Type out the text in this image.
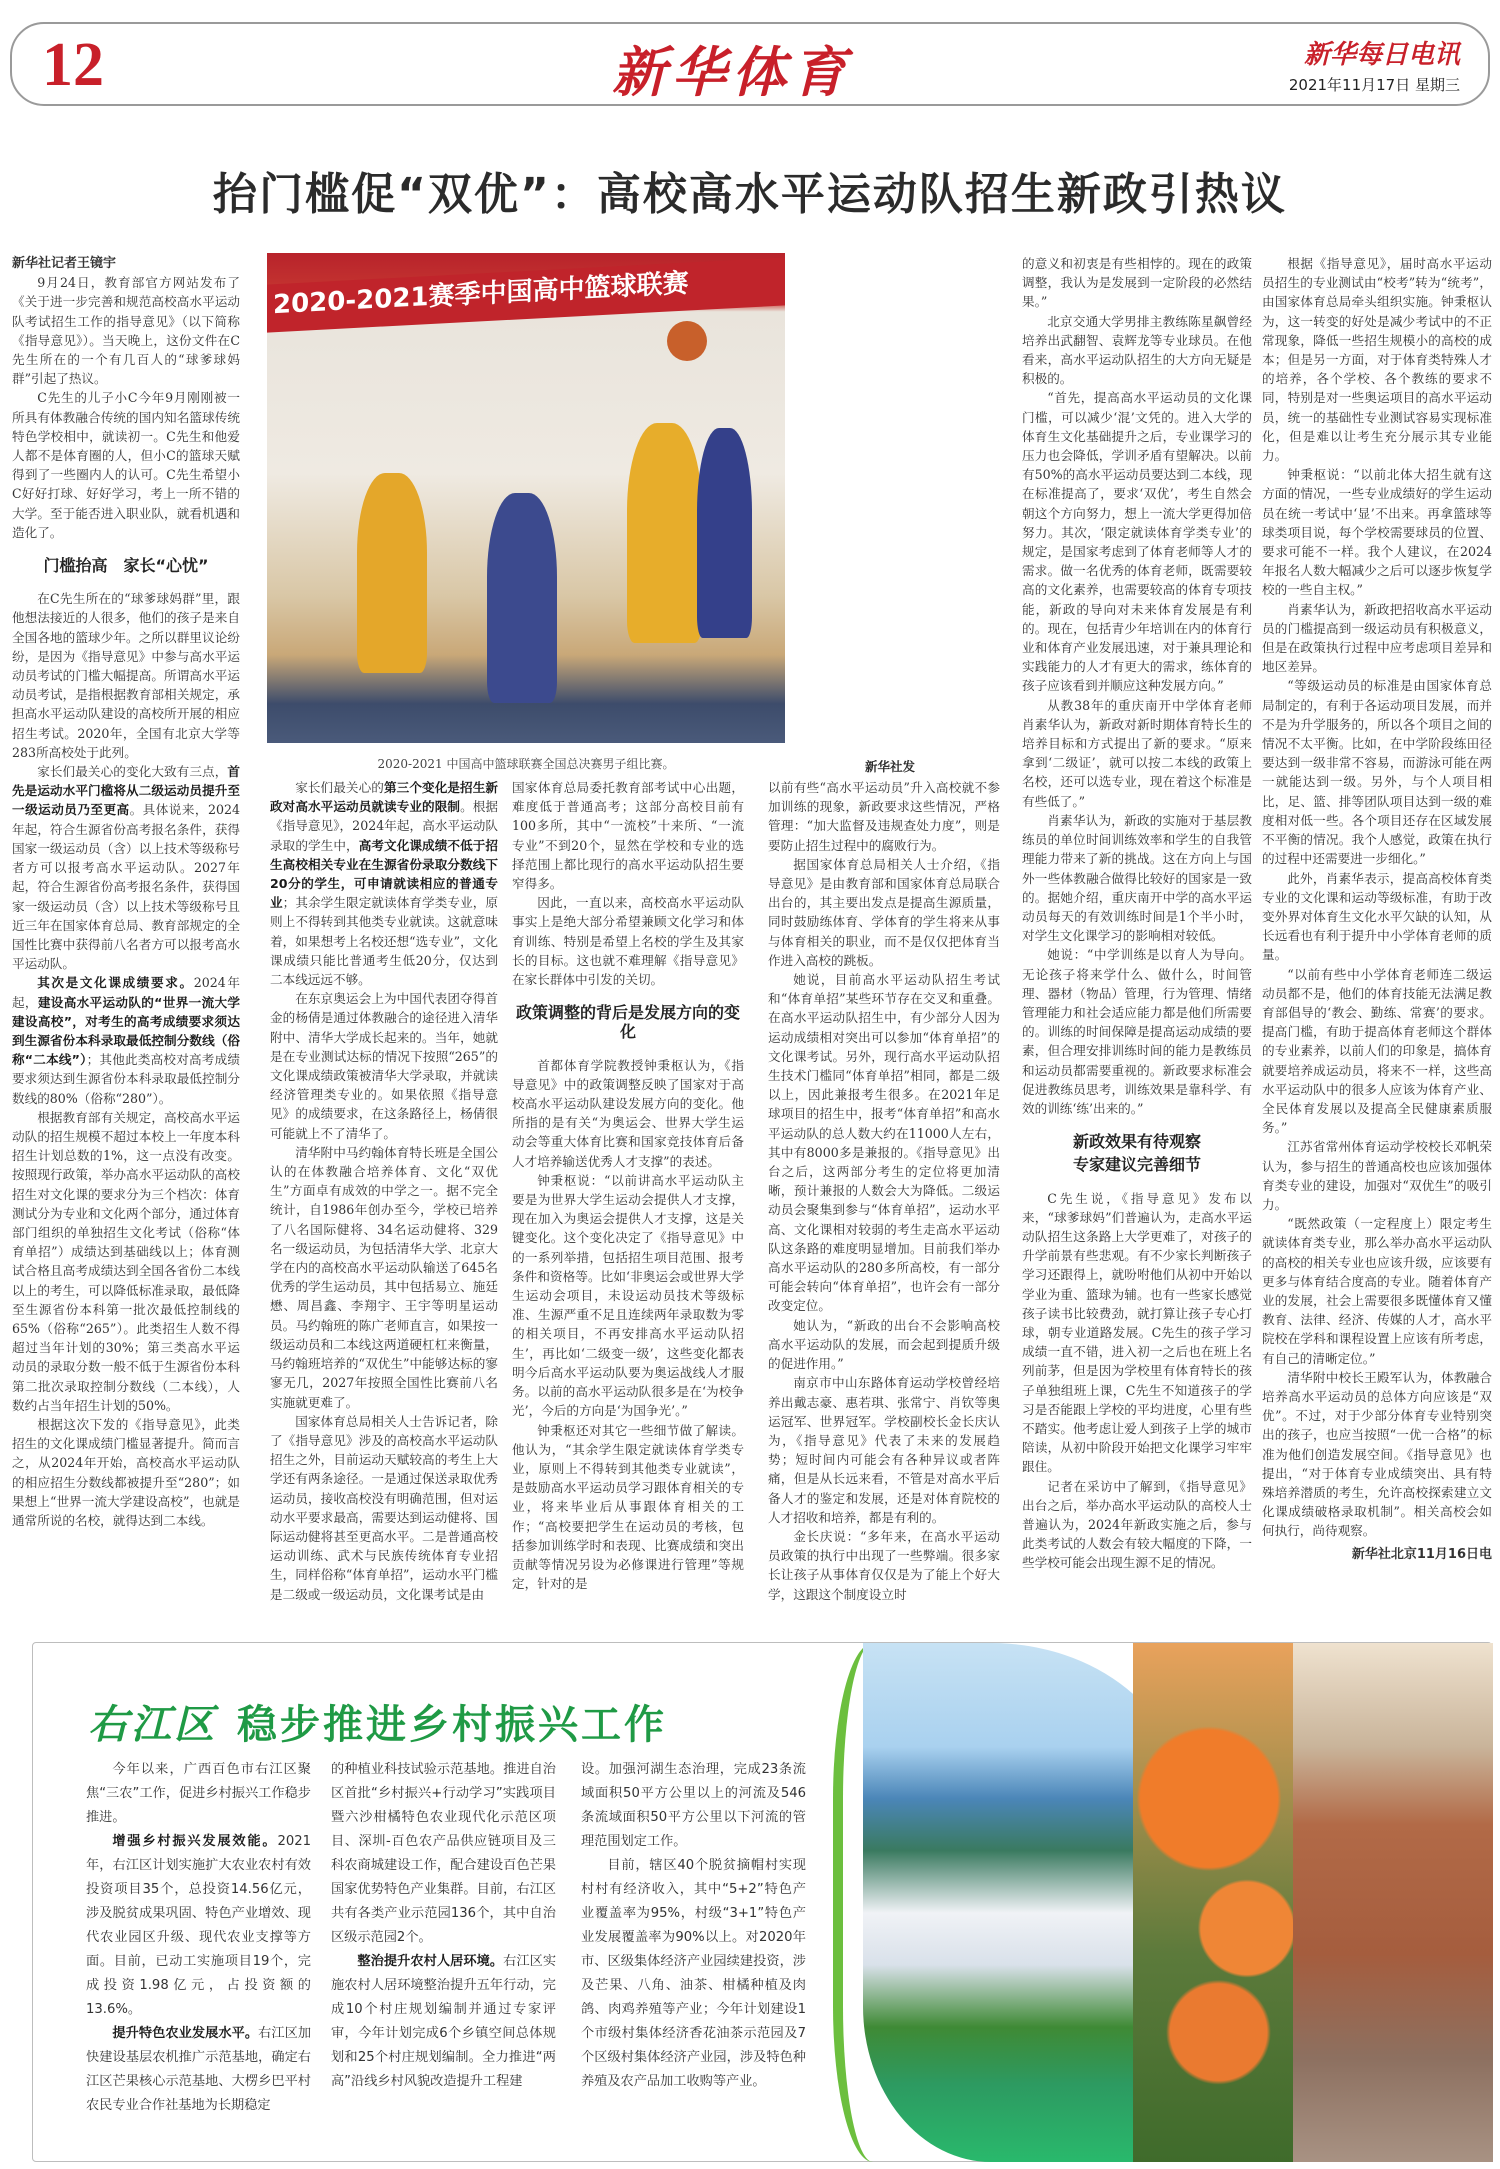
12	新华体育	新华每日电讯
2021年11月17日 星期三
抬门槛促“双优”：高校高水平运动队招生新政引热议

新华社记者王镜宇

9月24日，教育部官方网站发布了《关于进一步完善和规范高校高水平运动队考试招生工作的指导意见》（以下简称《指导意见》）。当天晚上，这份文件在C先生所在的一个有几百人的“球爹球妈群”引起了热议。

C先生的儿子小C今年9月刚刚被一所具有体教融合传统的国内知名篮球传统特色学校相中，就读初一。C先生和他爱人都不是体育圈的人，但小C的篮球天赋得到了一些圈内人的认可。C先生希望小C好好打球、好好学习，考上一所不错的大学。至于能否进入职业队，就看机遇和造化了。

门槛抬高　家长“心忧”

在C先生所在的“球爹球妈群”里，跟他想法接近的人很多，他们的孩子是来自全国各地的篮球少年。之所以群里议论纷纷，是因为《指导意见》中参与高水平运动员考试的门槛大幅提高。所谓高水平运动员考试，是指根据教育部相关规定，承担高水平运动队建设的高校所开展的相应招生考试。2020年，全国有北京大学等283所高校处于此列。

家长们最关心的变化大致有三点，首先是运动水平门槛将从二级运动员提升至一级运动员乃至更高。具体说来，2024年起，符合生源省份高考报名条件，获得国家一级运动员（含）以上技术等级称号者方可以报考高水平运动队。2027年起，符合生源省份高考报名条件，获得国家一级运动员（含）以上技术等级称号且近三年在国家体育总局、教育部规定的全国性比赛中获得前八名者方可以报考高水平运动队。

其次是文化课成绩要求。2024年起，建设高水平运动队的“世界一流大学建设高校”，对考生的高考成绩要求须达到生源省份本科录取最低控制分数线（俗称“二本线”）；其他此类高校对高考成绩要求须达到生源省份本科录取最低控制分数线的80%（俗称“280”）。

根据教育部有关规定，高校高水平运动队的招生规模不超过本校上一年度本科招生计划总数的1%，这一点没有改变。按照现行政策，举办高水平运动队的高校招生对文化课的要求分为三个档次：体育测试分为专业和文化两个部分，通过体育部门组织的单独招生文化考试（俗称“体育单招”）成绩达到基础线以上；体育测试合格且高考成绩达到全国各省份二本线以上的考生，可以降低标准录取，最低降至生源省份本科第一批次最低控制线的65%（俗称“265”）。此类招生人数不得超过当年计划的30%；第三类高水平运动员的录取分数一般不低于生源省份本科第二批次录取控制分数线（二本线），人数约占当年招生计划的50%。

根据这次下发的《指导意见》，此类招生的文化课成绩门槛显著提升。简而言之，从2024年开始，高校高水平运动队的相应招生分数线都被提升至“280”；如果想上“世界一流大学建设高校”，也就是通常所说的名校，就得达到二本线。

2020-2021赛季中国高中篮球联赛
2020-2021 中国高中篮球联赛全国总决赛男子组比赛。	新华社发

家长们最关心的第三个变化是招生新政对高水平运动员就读专业的限制。根据《指导意见》，2024年起，高水平运动队录取的学生中，高考文化课成绩不低于招生高校相关专业在生源省份录取分数线下20分的学生，可申请就读相应的普通专业；其余学生限定就读体育学类专业，原则上不得转到其他类专业就读。这就意味着，如果想考上名校还想“选专业”，文化课成绩只能比普通考生低20分，仅达到二本线远远不够。

在东京奥运会上为中国代表团夺得首金的杨倩是通过体教融合的途径进入清华附中、清华大学成长起来的。当年，她就是在专业测试达标的情况下按照“265”的文化课成绩政策被清华大学录取，并就读经济管理类专业的。如果依照《指导意见》的成绩要求，在这条路径上，杨倩很可能就上不了清华了。

清华附中马约翰体育特长班是全国公认的在体教融合培养体育、文化“双优生”方面卓有成效的中学之一。据不完全统计，自1986年创办至今，学校已培养了八名国际健将、34名运动健将、329名一级运动员，为包括清华大学、北京大学在内的高校高水平运动队输送了645名优秀的学生运动员，其中包括易立、施廷懋、周昌鑫、李翔宇、王宇等明星运动员。马约翰班的陈广老师直言，如果按一级运动员和二本线这两道硬杠杠来衡量，马约翰班培养的“双优生”中能够达标的寥寥无几，2027年按照全国性比赛前八名实施就更难了。

国家体育总局相关人士告诉记者，除了《指导意见》涉及的高校高水平运动队招生之外，目前运动天赋较高的考生上大学还有两条途径。一是通过保送录取优秀运动员，接收高校没有明确范围，但对运动水平要求最高，需要达到运动健将、国际运动健将甚至更高水平。二是普通高校运动训练、武术与民族传统体育专业招生，同样俗称“体育单招”，运动水平门槛是二级或一级运动员，文化课考试是由

国家体育总局委托教育部考试中心出题，难度低于普通高考；这部分高校目前有100多所，其中“一流校”十来所、“一流专业”不到20个，显然在学校和专业的选择范围上都比现行的高水平运动队招生要窄得多。

因此，一直以来，高校高水平运动队事实上是绝大部分希望兼顾文化学习和体育训练、特别是希望上名校的学生及其家长的目标。这也就不难理解《指导意见》在家长群体中引发的关切。

政策调整的背后是发展方向的变化

首都体育学院教授钟秉枢认为，《指导意见》中的政策调整反映了国家对于高校高水平运动队建设发展方向的变化。他所指的是有关“为奥运会、世界大学生运动会等重大体育比赛和国家竞技体育后备人才培养输送优秀人才支撑”的表述。

钟秉枢说：“以前讲高水平运动队主要是为世界大学生运动会提供人才支撑，现在加入为奥运会提供人才支撑，这是关键变化。这个变化决定了《指导意见》中的一系列举措，包括招生项目范围、报考条件和资格等。比如‘非奥运会或世界大学生运动会项目，未设运动员技术等级标准、生源严重不足且连续两年录取数为零的相关项目，不再安排高水平运动队招生’，再比如‘二级变一级’，这些变化都表明今后高水平运动队要为奥运战线人才服务。以前的高水平运动队很多是在‘为校争光’，今后的方向是‘为国争光’。”

钟秉枢还对其它一些细节做了解读。他认为，“其余学生限定就读体育学类专业，原则上不得转到其他类专业就读”，是鼓励高水平运动员学习跟体育相关的专业，将来毕业后从事跟体育相关的工作；“高校要把学生在运动员的考核，包括参加训练学时和表现、比赛成绩和突出贡献等情况另设为必修课进行管理”等规定，针对的是

以前有些“高水平运动员”升入高校就不参加训练的现象，新政要求这些情况，严格管理：“加大监督及违规查处力度”，则是要防止招生过程中的腐败行为。

据国家体育总局相关人士介绍，《指导意见》是由教育部和国家体育总局联合出台的，其主要出发点是提高生源质量，同时鼓励练体育、学体育的学生将来从事与体育相关的职业，而不是仅仅把体育当作进入高校的跳板。

她说，目前高水平运动队招生考试和“体育单招”某些环节存在交叉和重叠。在高水平运动队招生中，有少部分人因为运动成绩相对突出可以参加“体育单招”的文化课考试。另外，现行高水平运动队招生技术门槛同“体育单招”相同，都是二级以上，因此兼报考生很多。在2021年足球项目的招生中，报考“体育单招”和高水平运动队的总人数大约在11000人左右，其中有8000多是兼报的。《指导意见》出台之后，这两部分考生的定位将更加清晰，预计兼报的人数会大为降低。二级运动员会聚集到参与“体育单招”，运动水平高、文化课相对较弱的考生走高水平运动队这条路的难度明显增加。目前我们举办高水平运动队的280多所高校，有一部分可能会转向“体育单招”，也许会有一部分改变定位。

她认为，“新政的出台不会影响高校高水平运动队的发展，而会起到提质升级的促进作用。”

南京市中山东路体育运动学校曾经培养出戴志豪、惠若琪、张常宁、肖钦等奥运冠军、世界冠军。学校副校长金长庆认为，《指导意见》代表了未来的发展趋势；短时间内可能会有各种异议或者阵痛，但是从长远来看，不管是对高水平后备人才的鉴定和发展，还是对体育院校的人才招收和培养，都是有利的。

金长庆说：“多年来，在高水平运动员政策的执行中出现了一些弊端。很多家长让孩子从事体育仅仅是为了能上个好大学，这跟这个制度设立时

的意义和初衷是有些相悖的。现在的政策调整，我认为是发展到一定阶段的必然结果。”

北京交通大学男排主教练陈星飙曾经培养出武翻智、袁辉龙等专业球员。在他看来，高水平运动队招生的大方向无疑是积极的。

“首先，提高高水平运动员的文化课门槛，可以减少‘混’文凭的。进入大学的体育生文化基础提升之后，专业课学习的压力也会降低，学训矛盾有望解决。以前有50%的高水平运动员要达到二本线，现在标准提高了，要求‘双优’，考生自然会朝这个方向努力，想上一流大学更得加倍努力。其次，‘限定就读体育学类专业’的规定，是国家考虑到了体育老师等人才的需求。做一名优秀的体育老师，既需要较高的文化素养，也需要较高的体育专项技能，新政的导向对未来体育发展是有利的。现在，包括青少年培训在内的体育行业和体育产业发展迅速，对于兼具理论和实践能力的人才有更大的需求，练体育的孩子应该看到并顺应这种发展方向。”

从教38年的重庆南开中学体育老师肖素华认为，新政对新时期体育特长生的培养目标和方式提出了新的要求。“原来拿到‘二级证’，就可以按二本线的政策上名校，还可以选专业，现在着这个标准是有些低了。”

肖素华认为，新政的实施对于基层教练员的单位时间训练效率和学生的自我管理能力带来了新的挑战。这在方向上与国外一些体教融合做得比较好的国家是一致的。据她介绍，重庆南开中学的高水平运动员每天的有效训练时间是1个半小时，对学生文化课学习的影响相对较低。

她说：“中学训练是以育人为导向。无论孩子将来学什么、做什么，时间管理、器材（物品）管理，行为管理、情绪管理能力和社会适应能力都是他们所需要的。训练的时间保障是提高运动成绩的要素，但合理安排训练时间的能力是教练员和运动员都需要重视的。新政要求标准会促进教练员思考，训练效果是靠科学、有效的训练‘练’出来的。”

新政效果有待观察
专家建议完善细节

C先生说，《指导意见》发布以来，“球爹球妈”们普遍认为，走高水平运动队招生这条路上大学更难了，对孩子的升学前景有些悲观。有不少家长判断孩子学习还跟得上，就吩咐他们从初中开始以学业为重、篮球为辅。也有一些家长感觉孩子读书比较费劲，就打算让孩子专心打球，朝专业道路发展。C先生的孩子学习成绩一直不错，进入初一之后也在班上名列前茅，但是因为学校里有体育特长的孩子单独组班上课，C先生不知道孩子的学习是否能跟上学校的平均进度，心里有些不踏实。他考虑让爱人到孩子上学的城市陪读，从初中阶段开始把文化课学习牢牢跟住。

记者在采访中了解到，《指导意见》出台之后，举办高水平运动队的高校人士普遍认为，2024年新政实施之后，参与此类考试的人数会有较大幅度的下降，一些学校可能会出现生源不足的情况。

根据《指导意见》，届时高水平运动员招生的专业测试由“校考”转为“统考”，由国家体育总局牵头组织实施。钟秉枢认为，这一转变的好处是减少考试中的不正常现象，降低一些招生规模小的高校的成本；但是另一方面，对于体育类特殊人才的培养，各个学校、各个教练的要求不同，特别是对一些奥运项目的高水平运动员，统一的基础性专业测试容易实现标准化，但是难以让考生充分展示其专业能力。

钟秉枢说：“以前北体大招生就有这方面的情况，一些专业成绩好的学生运动员在统一考试中‘显’不出来。再拿篮球等球类项目说，每个学校需要球员的位置、要求可能不一样。我个人建议，在2024年报名人数大幅减少之后可以逐步恢复学校的一些自主权。”

肖素华认为，新政把招收高水平运动员的门槛提高到一级运动员有积极意义，但是在政策执行过程中应考虑项目差异和地区差异。

“等级运动员的标准是由国家体育总局制定的，有利于各运动项目发展，而并不是为升学服务的，所以各个项目之间的情况不太平衡。比如，在中学阶段练田径要达到一级非常不容易，而游泳可能在两一就能达到一级。另外，与个人项目相比，足、篮、排等团队项目达到一级的难度相对低一些。各个项目还存在区域发展不平衡的情况。我个人感觉，政策在执行的过程中还需要进一步细化。”

此外，肖素华表示，提高高校体育类专业的文化课和运动等级标准，有助于改变外界对体育生文化水平欠缺的认知，从长远看也有利于提升中小学体育老师的质量。

“以前有些中小学体育老师连二级运动员都不是，他们的体育技能无法满足教育部倡导的‘教会、勤练、常赛’的要求。提高门槛，有助于提高体育老师这个群体的专业素养，以前人们的印象是，搞体育就要培养成运动员，将来不一样，这些高水平运动队中的很多人应该为体育产业、全民体育发展以及提高全民健康素质服务。”

江苏省常州体育运动学校校长邓帆荣认为，参与招生的普通高校也应该加强体育类专业的建设，加强对“双优生”的吸引力。

“既然政策（一定程度上）限定考生就读体育类专业，那么举办高水平运动队的高校的相关专业也应该升级，应该要有更多与体育结合度高的专业。随着体育产业的发展，社会上需要很多既懂体育又懂教育、法律、经济、传媒的人才，高水平院校在学科和课程设置上应该有所考虑，有自己的清晰定位。”

清华附中校长王殿军认为，体教融合培养高水平运动员的总体方向应该是“双优”。不过，对于少部分体育专业特别突出的孩子，也应当按照“一优一合格”的标准为他们创造发展空间。《指导意见》也提出，“对于体育专业成绩突出、具有特殊培养潜质的考生，允许高校探索建立文化课成绩破格录取机制”。相关高校会如何执行，尚待观察。

新华社北京11月16日电
右江区 稳步推进乡村振兴工作

今年以来，广西百色市右江区聚焦“三农”工作，促进乡村振兴工作稳步推进。

增强乡村振兴发展效能。2021年，右江区计划实施扩大农业农村有效投资项目35个，总投资14.56亿元，涉及脱贫成果巩固、特色产业增效、现代农业园区升级、现代农业支撑等方面。目前，已动工实施项目19个，完成投资1.98亿元，占投资额的13.6%。

提升特色农业发展水平。右江区加快建设基层农机推广示范基地，确定右江区芒果核心示范基地、大楞乡巴平村农民专业合作社基地为长期稳定

的种植业科技试验示范基地。推进自治区首批“乡村振兴+行动学习”实践项目暨六沙柑橘特色农业现代化示范区项目、深圳-百色农产品供应链项目及三科农商城建设工作，配合建设百色芒果国家优势特色产业集群。目前，右江区共有各类产业示范园136个，其中自治区级示范园2个。

整治提升农村人居环境。右江区实施农村人居环境整治提升五年行动，完成10个村庄规划编制并通过专家评审，今年计划完成6个乡镇空间总体规划和25个村庄规划编制。全力推进“两高”沿线乡村风貌改造提升工程建

设。加强河湖生态治理，完成23条流域面积50平方公里以上的河流及546条流域面积50平方公里以下河流的管理范围划定工作。

目前，辖区40个脱贫摘帽村实现村村有经济收入，其中“5+2”特色产业覆盖率为95%，村级“3+1”特色产业发展覆盖率为90%以上。对2020年市、区级集体经济产业园续建投资，涉及芒果、八角、油茶、柑橘种植及肉鸽、肉鸡养殖等产业；今年计划建设1个市级村集体经济香花油茶示范园及7个区级村集体经济产业园，涉及特色种养殖及农产品加工收购等产业。
